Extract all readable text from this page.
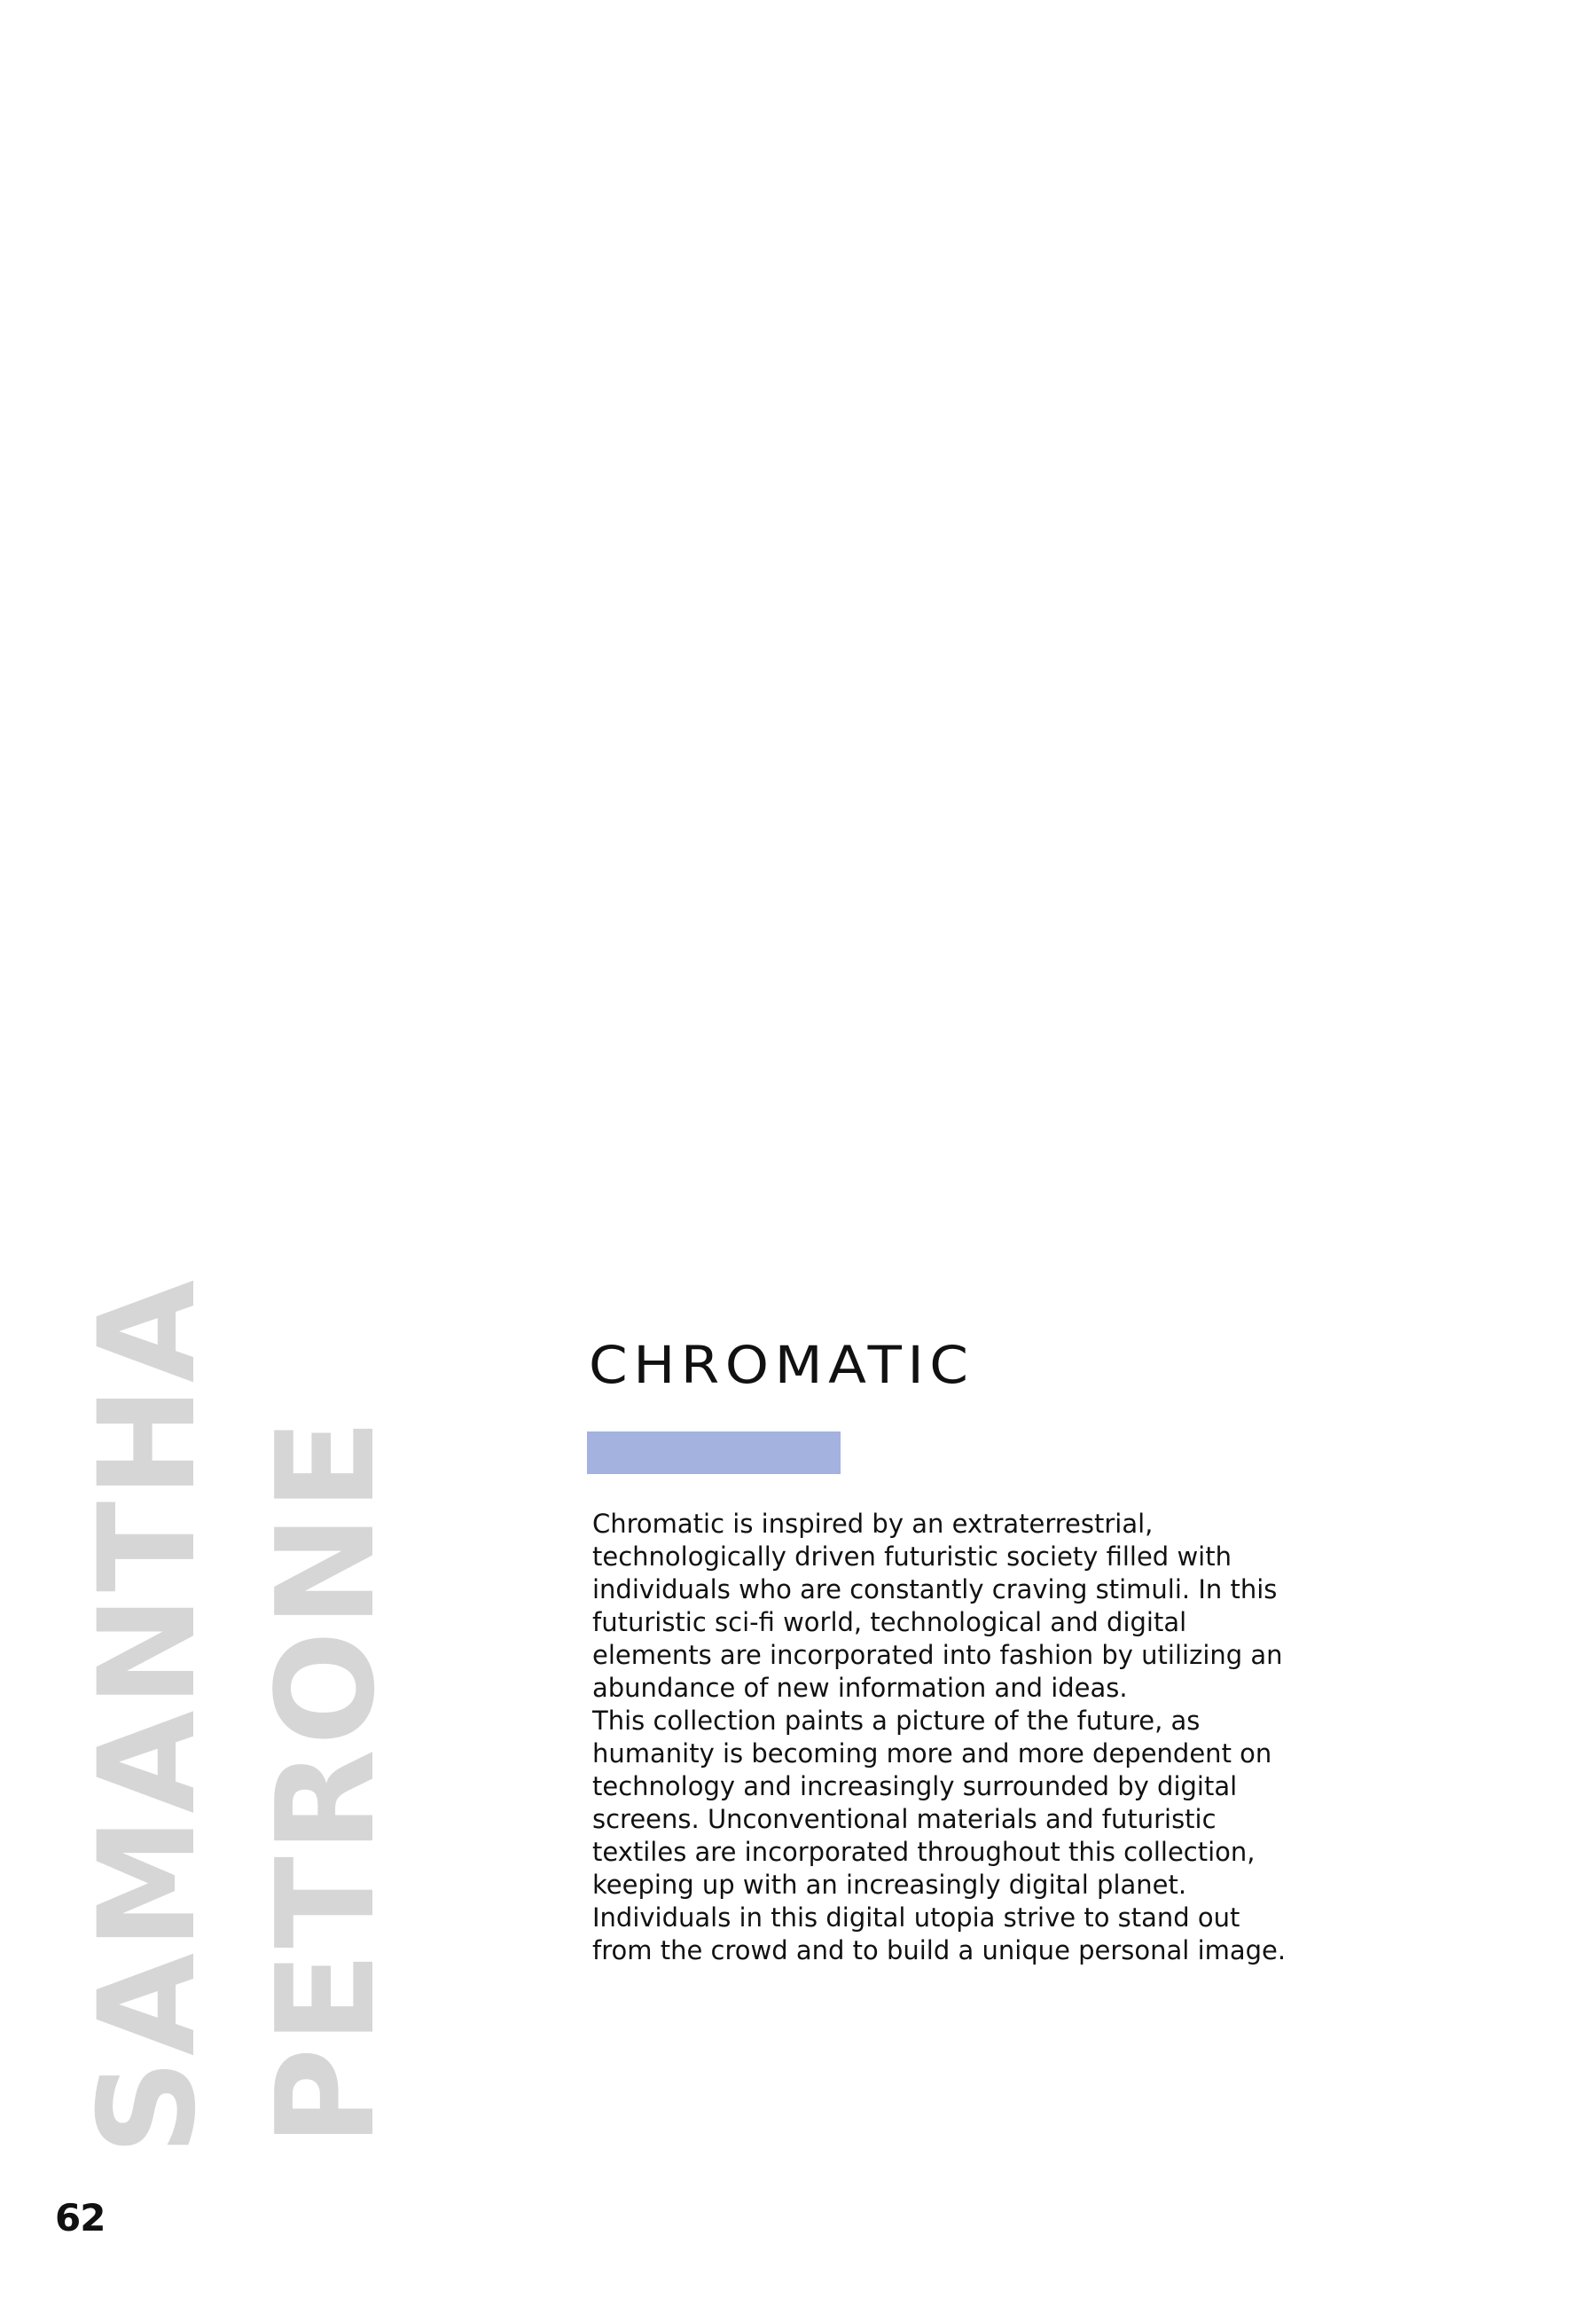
SAMANTHA PETRONE
62
CHROMATIC

Chromatic is inspired by an extraterrestrial, technologically driven futuristic society filled with individuals who are constantly craving stimuli. In this futuristic sci-fi world, technological and digital elements are incorporated into fashion by utilizing an abundance of new information and ideas.

This collection paints a picture of the future, as humanity is becoming more and more dependent on technology and increasingly surrounded by digital screens. Unconventional materials and futuristic textiles are incorporated throughout this collection, keeping up with an increasingly digital planet. Individuals in this digital utopia strive to stand out from the crowd and to build a unique personal image.
